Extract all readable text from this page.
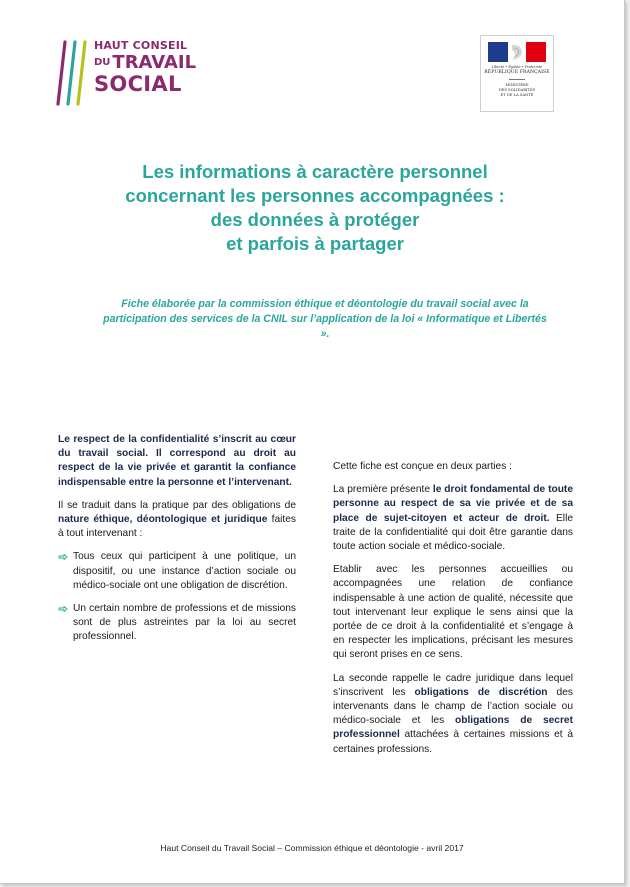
HAUT CONSEIL
DU TRAVAIL
SOCIAL
Liberté • Égalité • Fraternité
RÉPUBLIQUE FRANÇAISE
MINISTÈRE
DES SOLIDARITÉS
ET DE LA SANTÉ
Les informations à caractère personnel
concernant les personnes accompagnées :
des données à protéger
et parfois à partager
Fiche élaborée par la commission éthique et déontologie du travail social avec la participation des services de la CNIL sur l’application de la loi « Informatique et Libertés ».

Le respect de la confidentialité s’inscrit au cœur du travail social. Il correspond au droit au respect de la vie privée et garantit la confiance indispensable entre la personne et l’intervenant.

Il se traduit dans la pratique par des obligations de nature éthique, déontologique et juridique faites à tout intervenant :

Tous ceux qui participent à une politique, un dispositif, ou une instance d’action sociale ou médico-sociale ont une obligation de discrétion.
Un certain nombre de professions et de missions sont de plus astreintes par la loi au secret professionnel.

Cette fiche est conçue en deux parties :

La première présente le droit fondamental de toute personne au respect de sa vie privée et de sa place de sujet-citoyen et acteur de droit. Elle traite de la confidentialité qui doit être garantie dans toute action sociale et médico-sociale.

Etablir avec les personnes accueillies ou accompagnées une relation de confiance indispensable à une action de qualité, nécessite que tout intervenant leur explique le sens ainsi que la portée de ce droit à la confidentialité et s’engage à en respecter les implications, précisant les mesures qui seront prises en ce sens.

La seconde rappelle le cadre juridique dans lequel s’inscrivent les obligations de discrétion des intervenants dans le champ de l’action sociale ou médico-sociale et les obligations de secret professionnel attachées à certaines missions et à certaines professions.

Haut Conseil du Travail Social – Commission éthique et déontologie - avril 2017
